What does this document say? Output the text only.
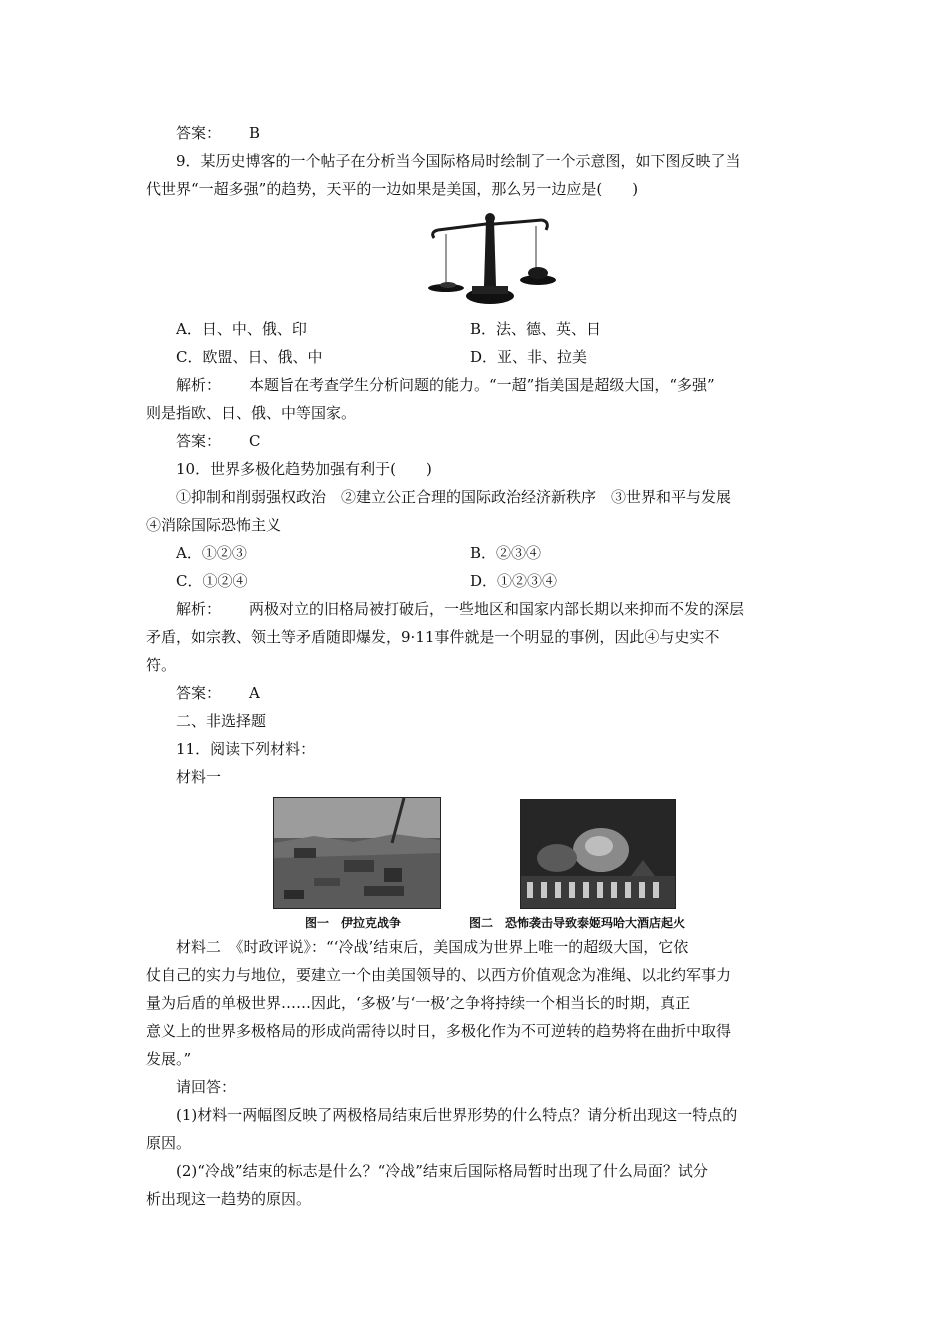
答案： B
9．某历史博客的一个帖子在分析当今国际格局时绘制了一个示意图，如下图反映了当
代世界“一超多强”的趋势，天平的一边如果是美国，那么另一边应是(　　)
A．日、中、俄、印	B．法、德、英、日
C．欧盟、日、俄、中	D．亚、非、拉美
解析： 本题旨在考查学生分析问题的能力。“一超”指美国是超级大国，“多强”
则是指欧、日、俄、中等国家。
答案： C
10．世界多极化趋势加强有利于(　　)
①抑制和削弱强权政治　②建立公正合理的国际政治经济新秩序　③世界和平与发展
④消除国际恐怖主义
A．①②③	B．②③④
C．①②④	D．①②③④
解析： 两极对立的旧格局被打破后，一些地区和国家内部长期以来抑而不发的深层
矛盾，如宗教、领土等矛盾随即爆发，9·11事件就是一个明显的事例，因此④与史实不
符。
答案： A
二、非选择题
11．阅读下列材料：
材料一
图一　伊拉克战争	图二　恐怖袭击导致泰姬玛哈大酒店起火
材料二　《时政评说》：“‘冷战’结束后，美国成为世界上唯一的超级大国，它依
仗自己的实力与地位，要建立一个由美国领导的、以西方价值观念为准绳、以北约军事力
量为后盾的单极世界……因此，‘多极’与‘一极’之争将持续一个相当长的时期，真正
意义上的世界多极格局的形成尚需待以时日，多极化作为不可逆转的趋势将在曲折中取得
发展。”
请回答：
(1)材料一两幅图反映了两极格局结束后世界形势的什么特点？请分析出现这一特点的
原因。
(2)“冷战”结束的标志是什么？“冷战”结束后国际格局暂时出现了什么局面？试分
析出现这一趋势的原因。
